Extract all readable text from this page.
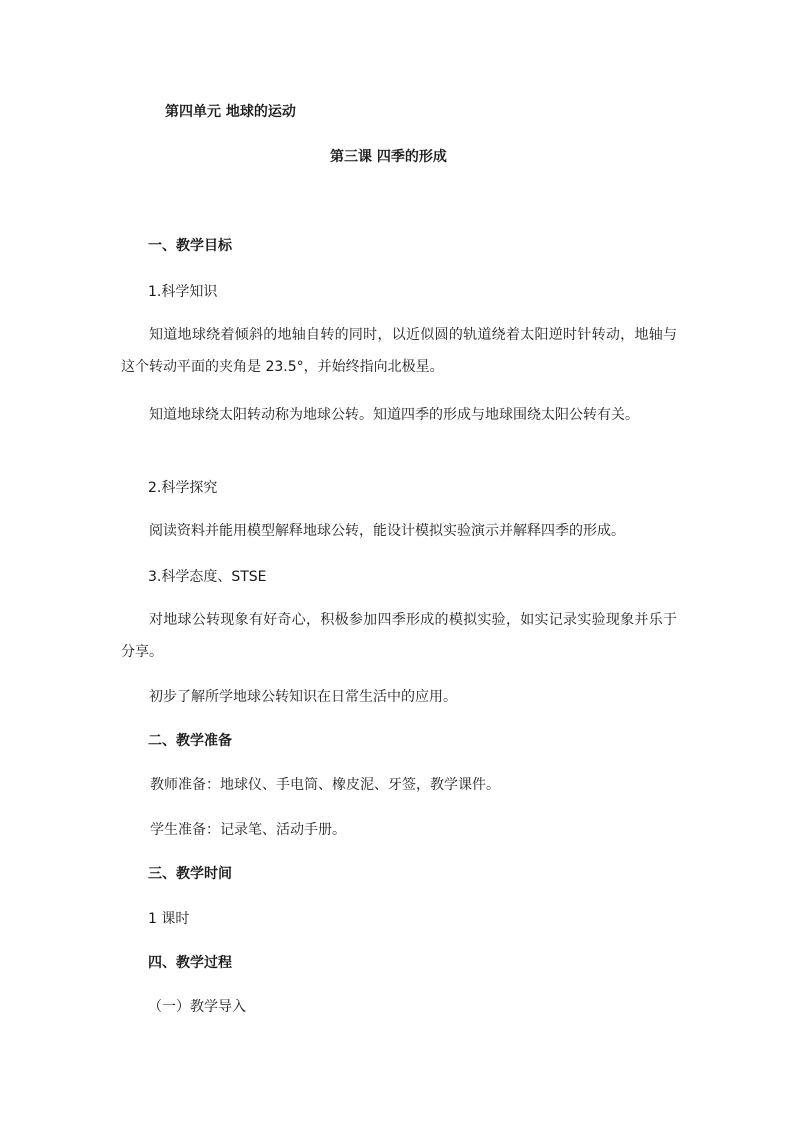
第四单元 地球的运动
第三课 四季的形成
一、教学目标
1.科学知识

知道地球绕着倾斜的地轴自转的同时，以近似圆的轨道绕着太阳逆时针转动，地轴与这个转动平面的夹角是 23.5°，并始终指向北极星。

知道地球绕太阳转动称为地球公转。知道四季的形成与地球围绕太阳公转有关。

2.科学探究

阅读资料并能用模型解释地球公转，能设计模拟实验演示并解释四季的形成。

3.科学态度、STSE

对地球公转现象有好奇心，积极参加四季形成的模拟实验，如实记录实验现象并乐于分享。

初步了解所学地球公转知识在日常生活中的应用。

二、教学准备
教师准备：地球仪、手电筒、橡皮泥、牙签，教学课件。
学生准备：记录笔、活动手册。
三、教学时间
1 课时
四、教学过程
（一）教学导入
